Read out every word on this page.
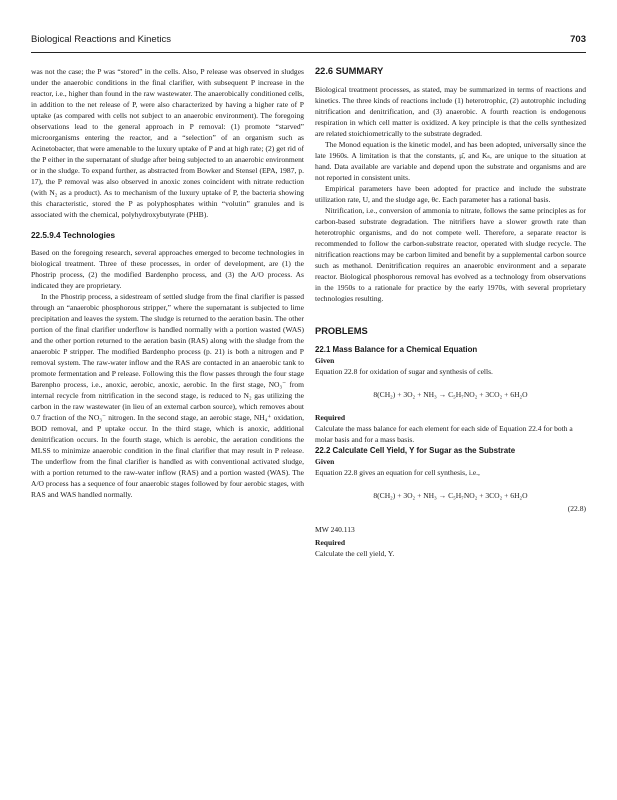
Biological Reactions and Kinetics	703

was not the case; the P was “stored” in the cells. Also, P release was observed in sludges under the anaerobic conditions in the final clarifier, with subsequent P increase in the reactor, i.e., higher than found in the raw wastewater. The anaerobically conditioned cells, in addition to the net release of P, were also characterized by having a higher rate of P uptake (as compared with cells not subject to an anaerobic environment). The foregoing observations lead to the general approach in P removal: (1) promote “starved” microorganisms entering the reactor, and a “selection” of an organism such as Acinetobacter, that were amenable to the luxury uptake of P and at high rate; (2) get rid of the P either in the supernatant of sludge after being subjected to an anaerobic environment or in the sludge. To expand further, as abstracted from Bowker and Stensel (EPA, 1987, p. 17), the P removal was also observed in anoxic zones coincident with nitrate reduction (with N₂ as a product). As to mechanism of the luxury uptake of P, the bacteria showing this characteristic, stored the P as polyphosphates within “volutin” granules and is associated with the chemical, polyhydroxybutyrate (PHB).

22.5.9.4 Technologies

Based on the foregoing research, several approaches emerged to become technologies in biological treatment. Three of these processes, in order of development, are (1) the Phostrip process, (2) the modified Bardenpho process, and (3) the A/O process. As indicated they are proprietary.

In the Phostrip process, a sidestream of settled sludge from the final clarifier is passed through an “anaerobic phosphorous stripper,” where the supernatant is subjected to lime precipitation and leaves the system. The sludge is returned to the aeration basin. The other portion of the final clarifier underflow is handled normally with a portion wasted (WAS) and the other portion returned to the aeration basin (RAS) along with the sludge from the anaerobic P stripper. The modified Bardenpho process (p. 21) is both a nitrogen and P removal system. The raw-water inflow and the RAS are contacted in an anaerobic tank to promote fermentation and P release. Following this the flow passes through the four stage Barenpho process, i.e., anoxic, aerobic, anoxic, aerobic. In the first stage, NO₃⁻ from internal recycle from nitrification in the second stage, is reduced to N₂ gas utilizing the carbon in the raw wastewater (in lieu of an external carbon source), which removes about 0.7 fraction of the NO₃⁻ nitrogen. In the second stage, an aerobic stage, NH₄⁺ oxidation, BOD removal, and P uptake occur. In the third stage, which is anoxic, additional denitrification occurs. In the fourth stage, which is aerobic, the aeration conditions the MLSS to minimize anaerobic condition in the final clarifier that may result in P release. The underflow from the final clarifier is handled as with conventional activated sludge, with a portion returned to the raw-water inflow (RAS) and a portion wasted (WAS). The A/O process has a sequence of four anaerobic stages followed by four aerobic stages, with RAS and WAS handled normally.

22.6 SUMMARY

Biological treatment processes, as stated, may be summarized in terms of reactions and kinetics. The three kinds of reactions include (1) heterotrophic, (2) autotrophic including nitrification and denitrification, and (3) anaerobic. A fourth reaction is endogenous respiration in which cell matter is oxidized. A key principle is that the cells synthesized are related stoichiometrically to the substrate degraded.

The Monod equation is the kinetic model, and has been adopted, universally since the late 1960s. A limitation is that the constants, μ̂, and Kₛ, are unique to the situation at hand. Data available are variable and depend upon the substrate and organisms and are not reported in consistent units.

Empirical parameters have been adopted for practice and include the substrate utilization rate, U, and the sludge age, θc. Each parameter has a rational basis.

Nitrification, i.e., conversion of ammonia to nitrate, follows the same principles as for carbon-based substrate degradation. The nitrifiers have a slower growth rate than heterotrophic organisms, and do not compete well. Therefore, a separate reactor is recommended to follow the carbon-substrate reactor, operated with sludge recycle. The nitrification reactions may be carbon limited and benefit by a supplemental carbon source such as methanol. Denitrification requires an anaerobic environment and a separate reactor. Biological phosphorous removal has evolved as a technology from observations in the 1950s to a rationale for practice by the early 1970s, with several proprietary technologies resulting.

PROBLEMS

22.1 Mass Balance for a Chemical Equation

Given

Equation 22.8 for oxidation of sugar and synthesis of cells.

8(CH₂) + 3O₂ + NH₃ → C₅H₇NO₂ + 3CO₂ + 6H₂O

Required

Calculate the mass balance for each element for each side of Equation 22.4 for both a molar basis and for a mass basis.

22.2 Calculate Cell Yield, Y for Sugar as the Substrate

Given

Equation 22.8 gives an equation for cell synthesis, i.e.,

8(CH₂) + 3O₂ + NH₃ → C₅H₇NO₂ + 3CO₂ + 6H₂O

(22.8)

MW 240.113

Required

Calculate the cell yield, Y.
